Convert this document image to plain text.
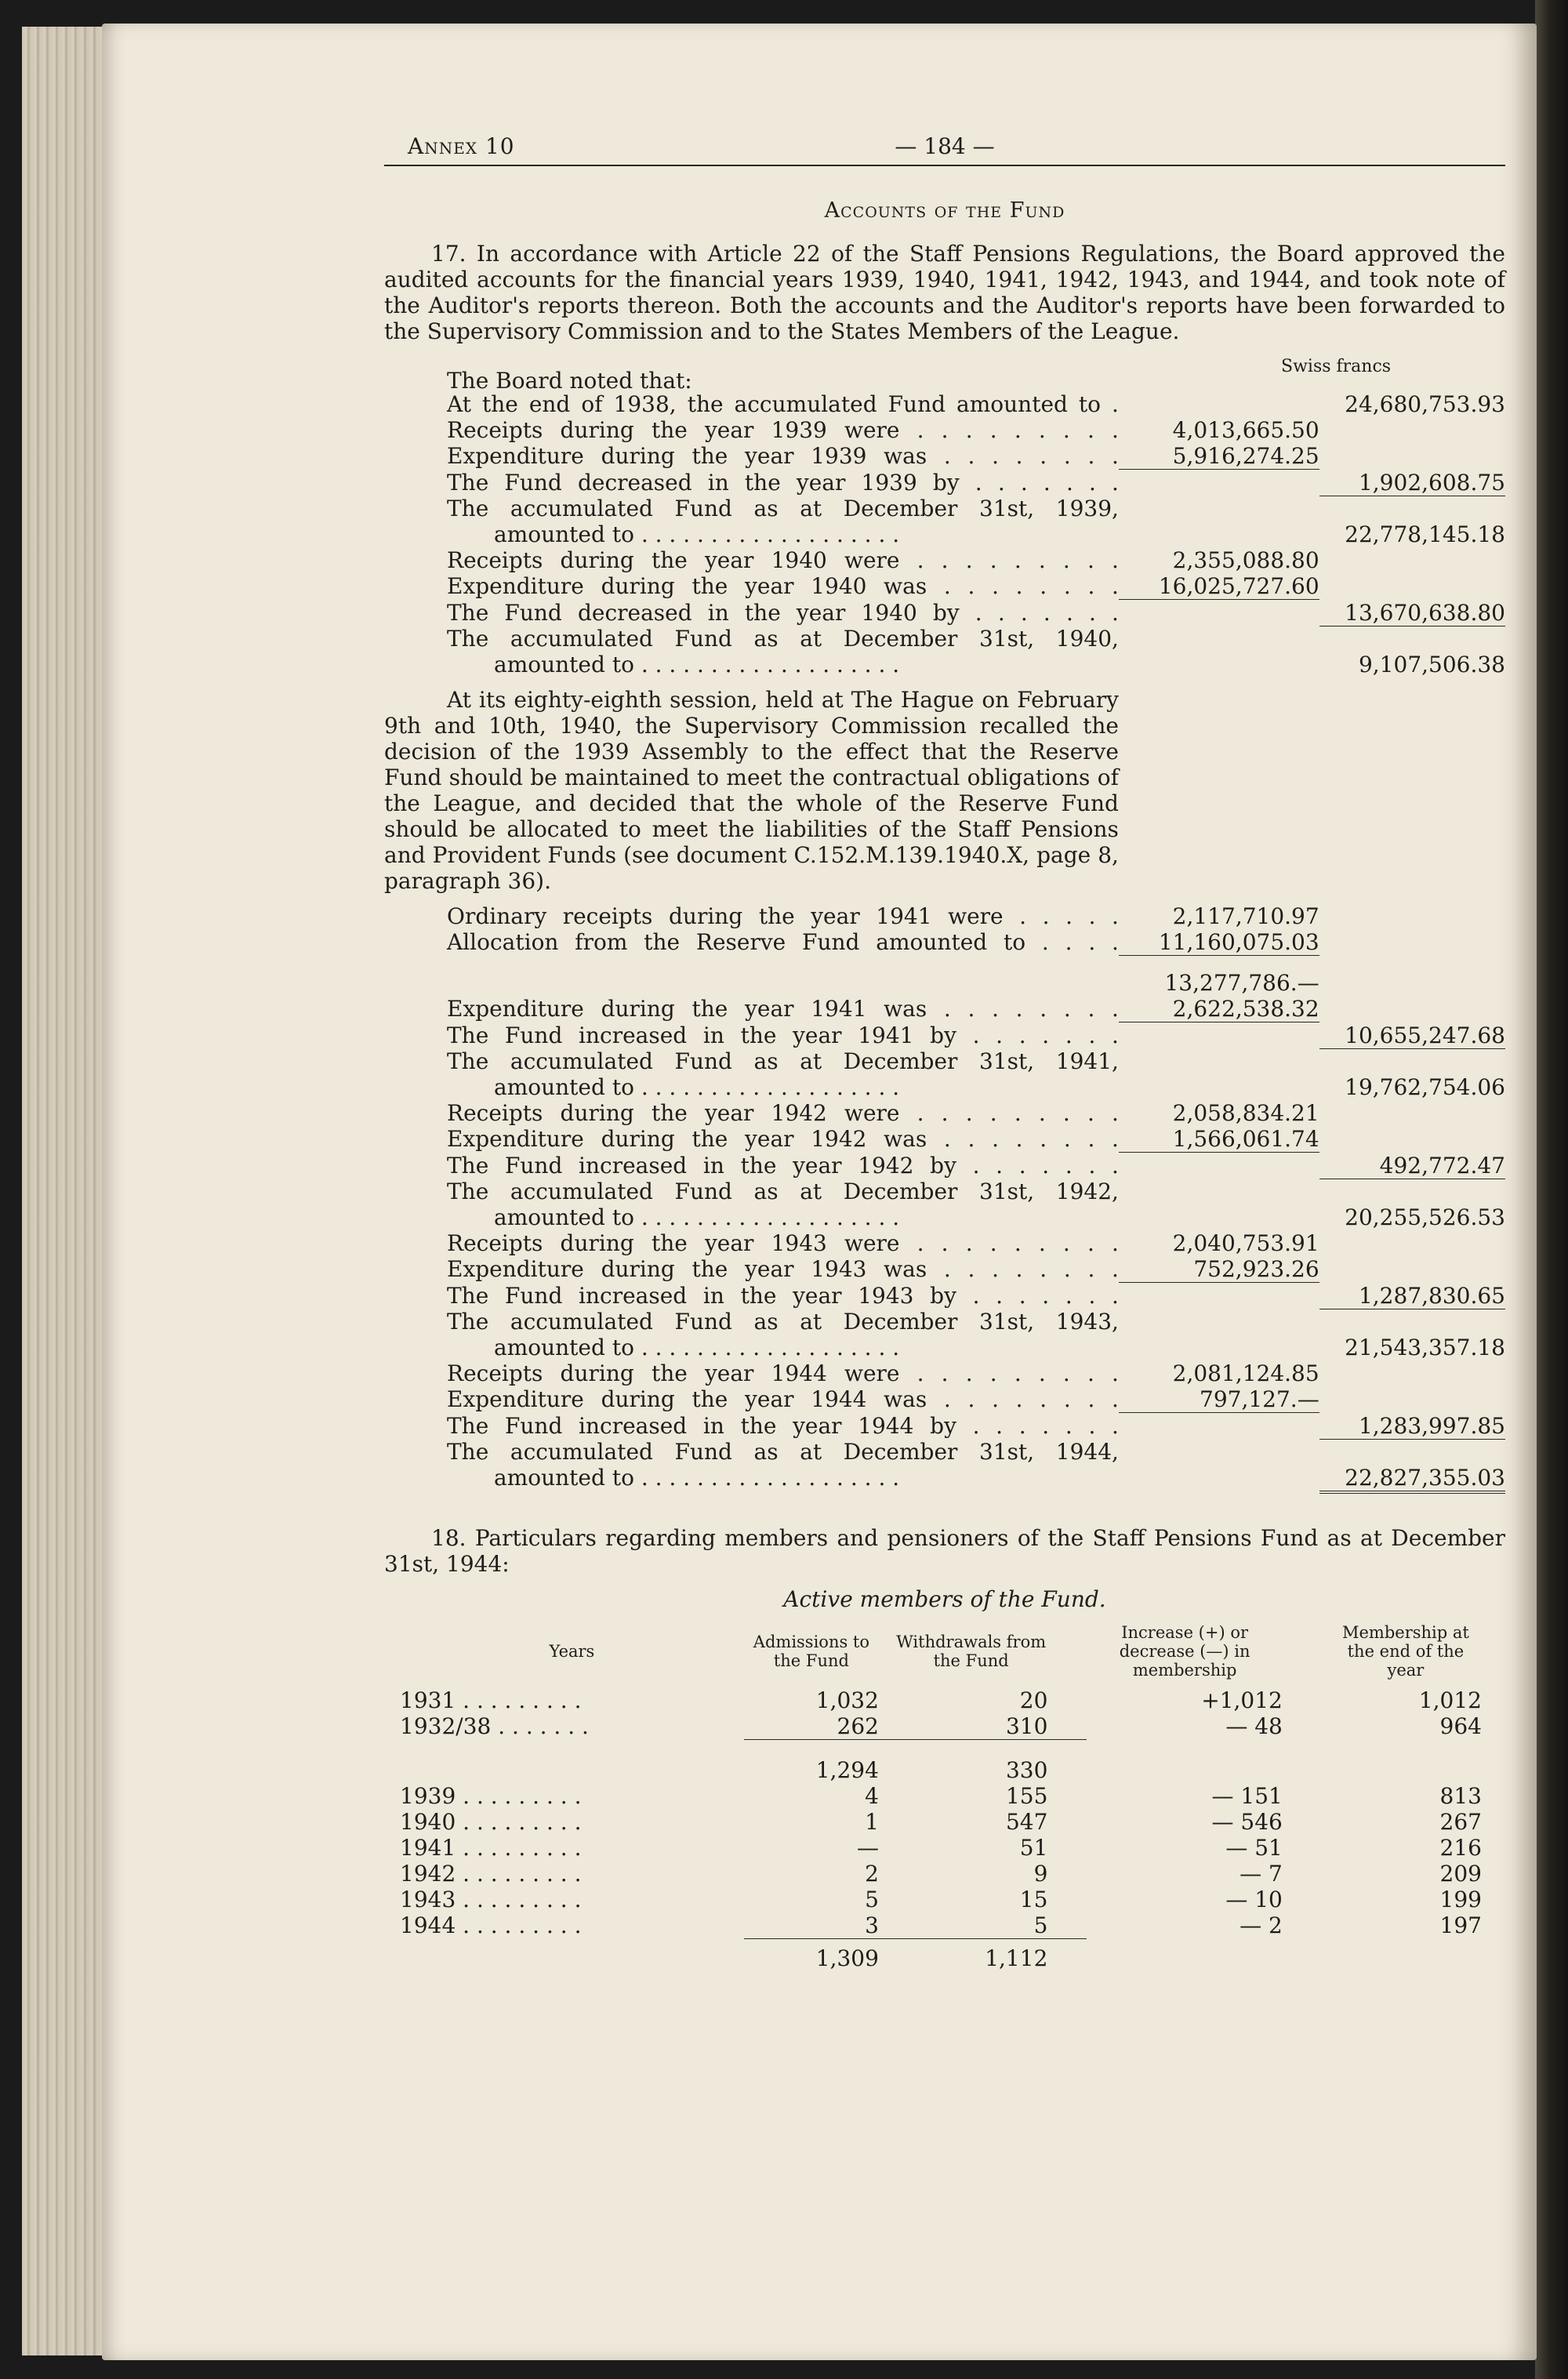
Annex 10	— 184 —
Accounts of the Fund
17. In accordance with Article 22 of the Staff Pensions Regulations, the Board approved the audited accounts for the financial years 1939, 1940, 1941, 1942, 1943, and 1944, and took note of the Auditor's reports thereon. Both the accounts and the Auditor's reports have been forwarded to the Supervisory Commission and to the States Members of the League.
The Board noted that:
Swiss francs
At the end of 1938, the accumulated Fund amounted to .		24,680,753.93
Receipts during the year 1939 were . . . . . . . . .	4,013,665.50	
Expenditure during the year 1939 was . . . . . . . .	5,916,274.25	
The Fund decreased in the year 1939 by . . . . . . .		1,902,608.75
The accumulated Fund as at December 31st, 1939,		
amounted to . . . . . . . . . . . . . . . . . . .		22,778,145.18
Receipts during the year 1940 were . . . . . . . . .	2,355,088.80	
Expenditure during the year 1940 was . . . . . . . .	16,025,727.60	
The Fund decreased in the year 1940 by . . . . . . .		13,670,638.80
The accumulated Fund as at December 31st, 1940,		
amounted to . . . . . . . . . . . . . . . . . . .		9,107,506.38
At its eighty-eighth session, held at The Hague on February 9th and 10th, 1940, the Supervisory Commission recalled the decision of the 1939 Assembly to the effect that the Reserve Fund should be maintained to meet the contractual obligations of the League, and decided that the whole of the Reserve Fund should be allocated to meet the liabilities of the Staff Pensions and Provident Funds (see document C.152.M.139.1940.X, page 8, paragraph 36).		
Ordinary receipts during the year 1941 were . . . . .	2,117,710.97	
Allocation from the Reserve Fund amounted to . . . .	11,160,075.03	

	13,277,786.—	
Expenditure during the year 1941 was . . . . . . . .	2,622,538.32	
The Fund increased in the year 1941 by . . . . . . .		10,655,247.68
The accumulated Fund as at December 31st, 1941,		
amounted to . . . . . . . . . . . . . . . . . . .		19,762,754.06
Receipts during the year 1942 were . . . . . . . . .	2,058,834.21	
Expenditure during the year 1942 was . . . . . . . .	1,566,061.74	
The Fund increased in the year 1942 by . . . . . . .		492,772.47
The accumulated Fund as at December 31st, 1942,		
amounted to . . . . . . . . . . . . . . . . . . .		20,255,526.53
Receipts during the year 1943 were . . . . . . . . .	2,040,753.91	
Expenditure during the year 1943 was . . . . . . . .	752,923.26	
The Fund increased in the year 1943 by . . . . . . .		1,287,830.65
The accumulated Fund as at December 31st, 1943,		
amounted to . . . . . . . . . . . . . . . . . . .		21,543,357.18
Receipts during the year 1944 were . . . . . . . . .	2,081,124.85	
Expenditure during the year 1944 was . . . . . . . .	797,127.—	
The Fund increased in the year 1944 by . . . . . . .		1,283,997.85
The accumulated Fund as at December 31st, 1944,		
amounted to . . . . . . . . . . . . . . . . . . .		22,827,355.03
18. Particulars regarding members and pensioners of the Staff Pensions Fund as at December 31st, 1944:
Active members of the Fund.
Years	Admissions to the Fund	Withdrawals from the Fund	Increase (+) or decrease (—) in membership	Membership at the end of the year
1931 . . . . . . . . .	1,032	20	+1,012	1,012
1932/38 . . . . . . .	262	310	— 48	964

	1,294	330		
1939 . . . . . . . . .	4	155	— 151	813
1940 . . . . . . . . .	1	547	— 546	267
1941 . . . . . . . . .	—	51	— 51	216
1942 . . . . . . . . .	2	9	— 7	209
1943 . . . . . . . . .	5	15	— 10	199
1944 . . . . . . . . .	3	5	— 2	197
	1,309	1,112		
